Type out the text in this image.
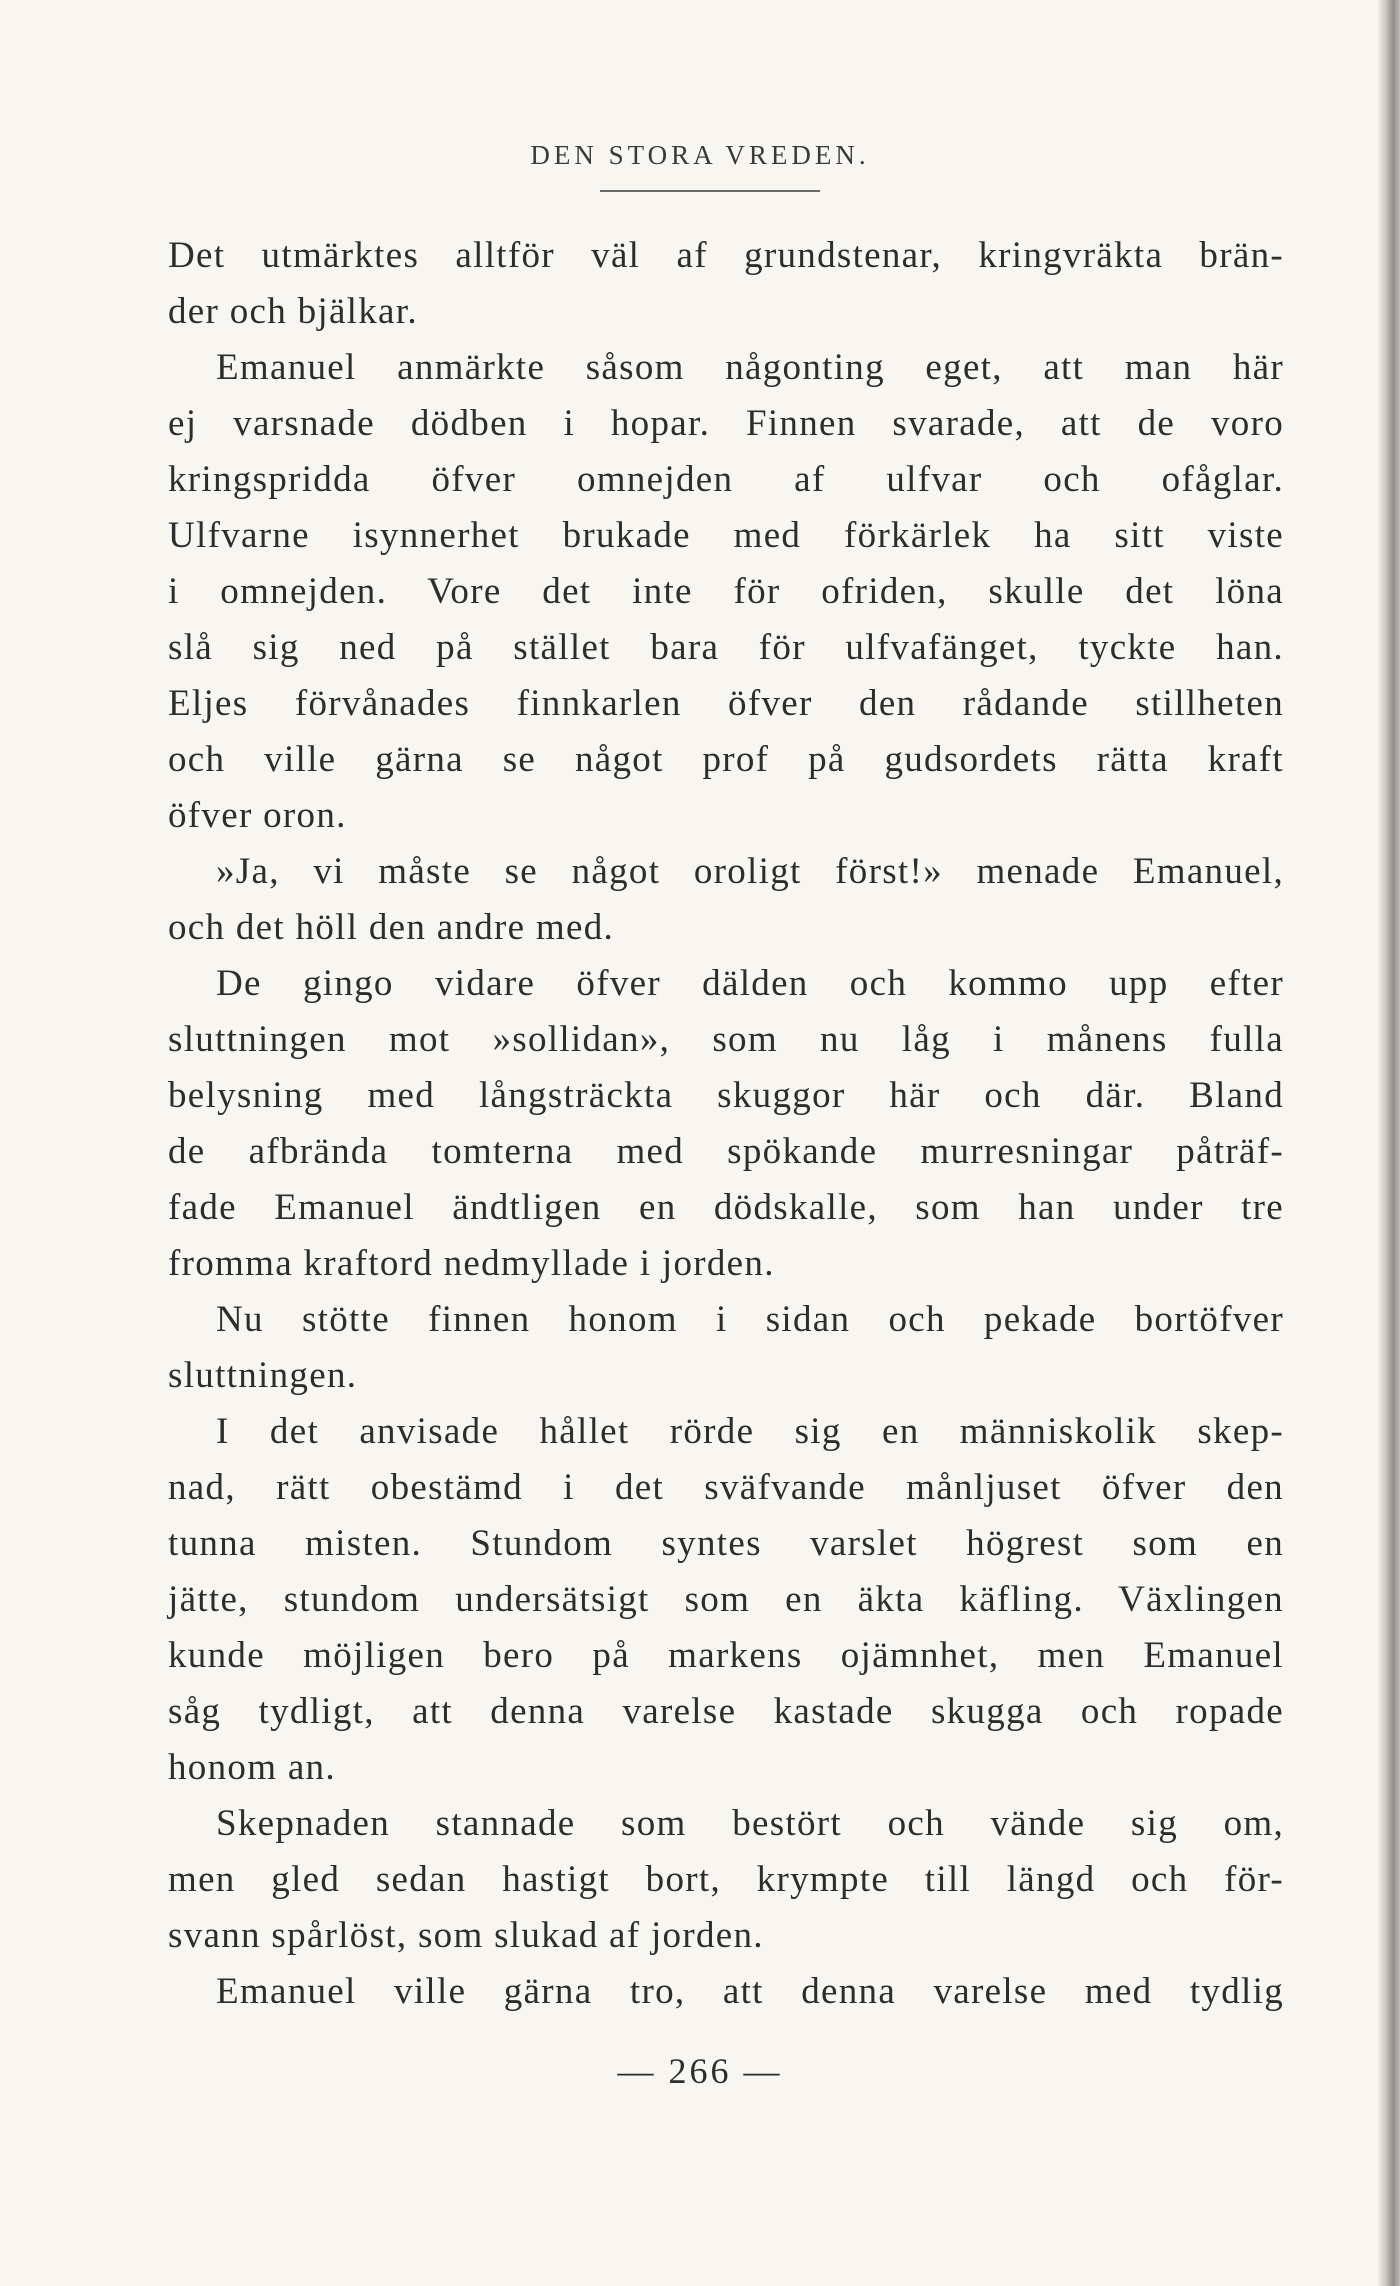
DEN STORA VREDEN.
Det utmärktes alltför väl af grundstenar, kringvräkta brän-
der och bjälkar.
Emanuel anmärkte såsom någonting eget, att man här
ej varsnade dödben i hopar. Finnen svarade, att de voro
kringspridda öfver omnejden af ulfvar och ofåglar.
Ulfvarne isynnerhet brukade med förkärlek ha sitt viste
i omnejden. Vore det inte för ofriden, skulle det löna
slå sig ned på stället bara för ulfvafänget, tyckte han.
Eljes förvånades finnkarlen öfver den rådande stillheten
och ville gärna se något prof på gudsordets rätta kraft
öfver oron.
»Ja, vi måste se något oroligt först!» menade Emanuel,
och det höll den andre med.
De gingo vidare öfver dälden och kommo upp efter
sluttningen mot »sollidan», som nu låg i månens fulla
belysning med långsträckta skuggor här och där. Bland
de afbrända tomterna med spökande murresningar påträf-
fade Emanuel ändtligen en dödskalle, som han under tre
fromma kraftord nedmyllade i jorden.
Nu stötte finnen honom i sidan och pekade bortöfver
sluttningen.
I det anvisade hållet rörde sig en människolik skep-
nad, rätt obestämd i det sväfvande månljuset öfver den
tunna misten. Stundom syntes varslet högrest som en
jätte, stundom undersätsigt som en äkta käfling. Växlingen
kunde möjligen bero på markens ojämnhet, men Emanuel
såg tydligt, att denna varelse kastade skugga och ropade
honom an.
Skepnaden stannade som bestört och vände sig om,
men gled sedan hastigt bort, krympte till längd och för-
svann spårlöst, som slukad af jorden.
Emanuel ville gärna tro, att denna varelse med tydlig
— 266 —
